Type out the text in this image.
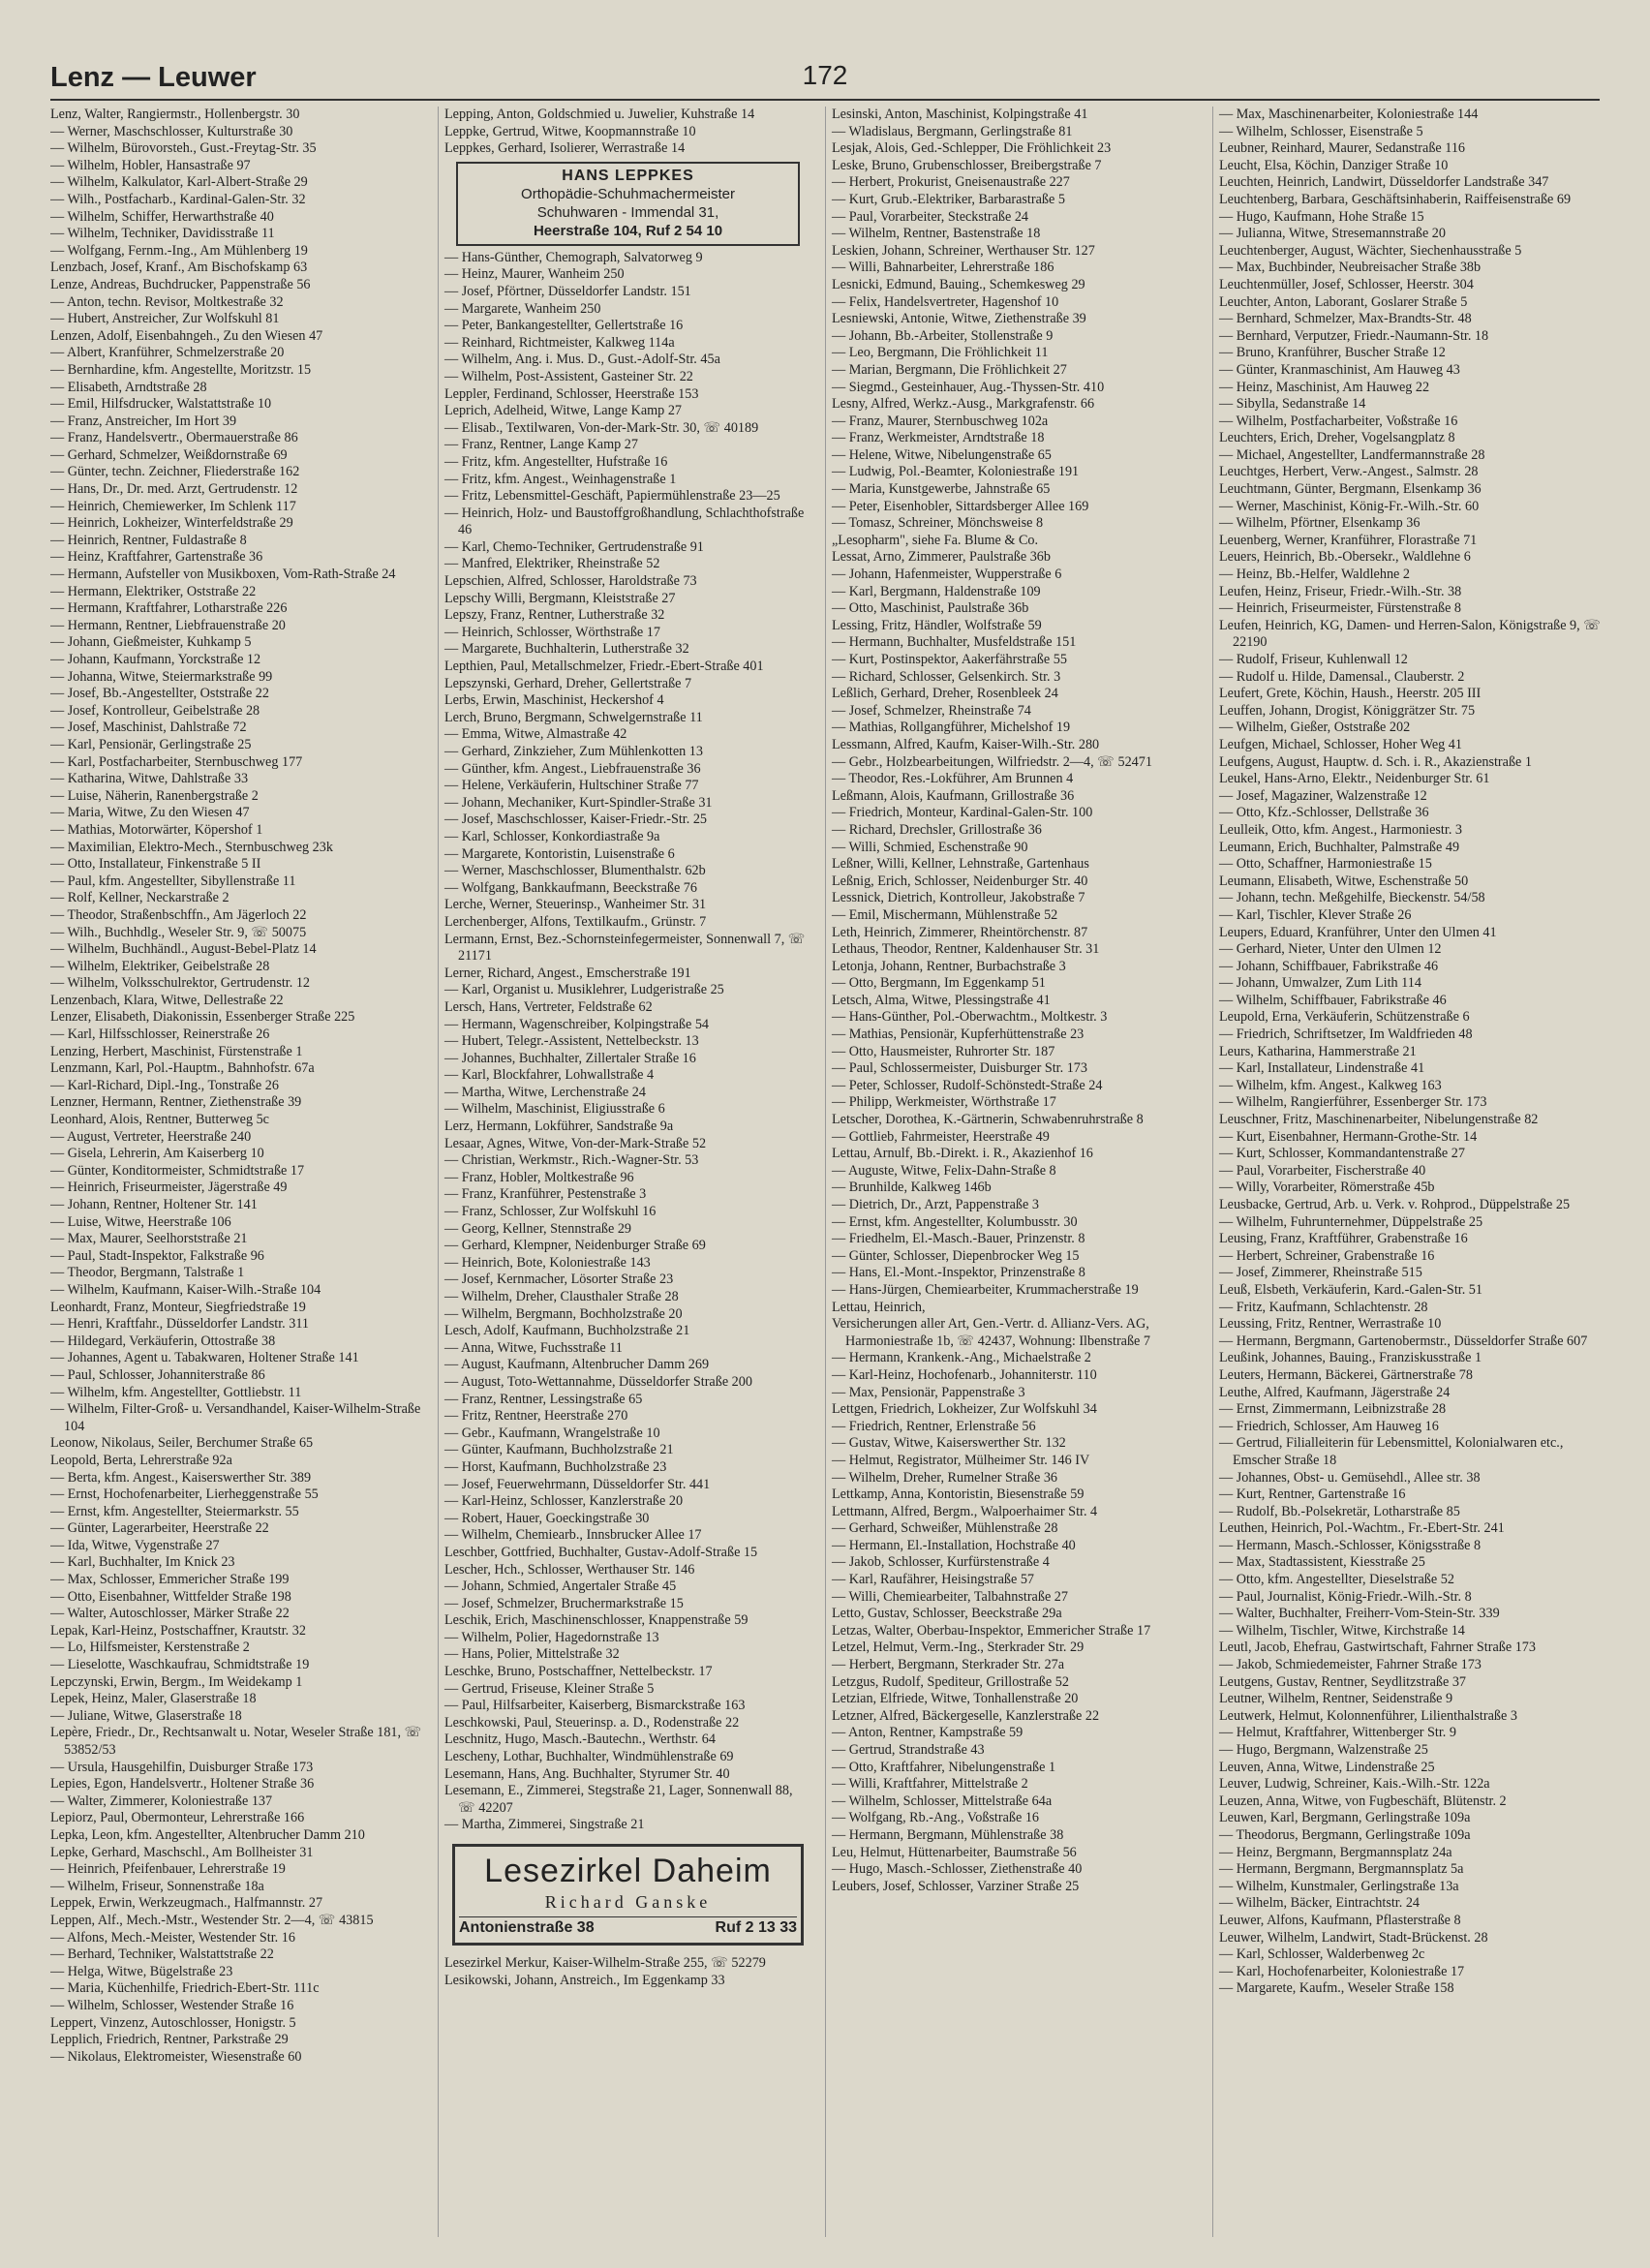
Lenz — Leuwer	172
Lenz, Walter, Rangiermstr., Hollenbergstr. 30
— Werner, Maschschlosser, Kulturstraße 30
— Wilhelm, Bürovorsteh., Gust.-Freytag-Str. 35
— Wilhelm, Hobler, Hansastraße 97
— Wilhelm, Kalkulator, Karl-Albert-Straße 29
— Wilh., Postfacharb., Kardinal-Galen-Str. 32
— Wilhelm, Schiffer, Herwarthstraße 40
— Wilhelm, Techniker, Davidisstraße 11
— Wolfgang, Fernm.-Ing., Am Mühlenberg 19
Lenzbach, Josef, Kranf., Am Bischofskamp 63
Lenze, Andreas, Buchdrucker, Pappenstraße 56
— Anton, techn. Revisor, Moltkestraße 32
— Hubert, Anstreicher, Zur Wolfskuhl 81
Lenzen, Adolf, Eisenbahngeh., Zu den Wiesen 47
— Albert, Kranführer, Schmelzerstraße 20
— Bernhardine, kfm. Angestellte, Moritzstr. 15
— Elisabeth, Arndtstraße 28
— Emil, Hilfsdrucker, Walstattstraße 10
— Franz, Anstreicher, Im Hort 39
— Franz, Handelsvertr., Obermauerstraße 86
— Gerhard, Schmelzer, Weißdornstraße 69
— Günter, techn. Zeichner, Fliederstraße 162
— Hans, Dr., Dr. med. Arzt, Gertrudenstr. 12
— Heinrich, Chemiewerker, Im Schlenk 117
— Heinrich, Lokheizer, Winterfeldstraße 29
— Heinrich, Rentner, Fuldastraße 8
— Heinz, Kraftfahrer, Gartenstraße 36
— Hermann, Aufsteller von Musikboxen, Vom-Rath-Straße 24
— Hermann, Elektriker, Oststraße 22
— Hermann, Kraftfahrer, Lotharstraße 226
— Hermann, Rentner, Liebfrauenstraße 20
— Johann, Gießmeister, Kuhkamp 5
— Johann, Kaufmann, Yorckstraße 12
— Johanna, Witwe, Steiermarkstraße 99
— Josef, Bb.-Angestellter, Oststraße 22
— Josef, Kontrolleur, Geibelstraße 28
— Josef, Maschinist, Dahlstraße 72
— Karl, Pensionär, Gerlingstraße 25
— Karl, Postfacharbeiter, Sternbuschweg 177
— Katharina, Witwe, Dahlstraße 33
— Luise, Näherin, Ranenbergstraße 2
— Maria, Witwe, Zu den Wiesen 47
— Mathias, Motorwärter, Köpershof 1
— Maximilian, Elektro-Mech., Sternbuschweg 23k
— Otto, Installateur, Finkenstraße 5 II
— Paul, kfm. Angestellter, Sibyllenstraße 11
— Rolf, Kellner, Neckarstraße 2
— Theodor, Straßenbschffn., Am Jägerloch 22
— Wilh., Buchhdlg., Weseler Str. 9, ☏ 50075
— Wilhelm, Buchhändl., August-Bebel-Platz 14
— Wilhelm, Elektriker, Geibelstraße 28
— Wilhelm, Volksschulrektor, Gertrudenstr. 12
Lenzenbach, Klara, Witwe, Dellestraße 22
Lenzer, Elisabeth, Diakonissin, Essenberger Straße 225
— Karl, Hilfsschlosser, Reinerstraße 26
Lenzing, Herbert, Maschinist, Fürstenstraße 1
Lenzmann, Karl, Pol.-Hauptm., Bahnhofstr. 67a
— Karl-Richard, Dipl.-Ing., Tonstraße 26
Lenzner, Hermann, Rentner, Ziethenstraße 39
Leonhard, Alois, Rentner, Butterweg 5c
— August, Vertreter, Heerstraße 240
— Gisela, Lehrerin, Am Kaiserberg 10
— Günter, Konditormeister, Schmidtstraße 17
— Heinrich, Friseurmeister, Jägerstraße 49
— Johann, Rentner, Holtener Str. 141
— Luise, Witwe, Heerstraße 106
— Max, Maurer, Seelhorststraße 21
— Paul, Stadt-Inspektor, Falkstraße 96
— Theodor, Bergmann, Talstraße 1
— Wilhelm, Kaufmann, Kaiser-Wilh.-Straße 104
Leonhardt, Franz, Monteur, Siegfriedstraße 19
— Henri, Kraftfahr., Düsseldorfer Landstr. 311
— Hildegard, Verkäuferin, Ottostraße 38
— Johannes, Agent u. Tabakwaren, Holtener Straße 141
— Paul, Schlosser, Johanniterstraße 86
— Wilhelm, kfm. Angestellter, Gottliebstr. 11
— Wilhelm, Filter-Groß- u. Versandhandel, Kaiser-Wilhelm-Straße 104
Leonow, Nikolaus, Seiler, Berchumer Straße 65
Leopold, Berta, Lehrerstraße 92a
— Berta, kfm. Angest., Kaiserswerther Str. 389
— Ernst, Hochofenarbeiter, Lierheggenstraße 55
— Ernst, kfm. Angestellter, Steiermarkstr. 55
— Günter, Lagerarbeiter, Heerstraße 22
— Ida, Witwe, Vygenstraße 27
— Karl, Buchhalter, Im Knick 23
— Max, Schlosser, Emmericher Straße 199
— Otto, Eisenbahner, Wittfelder Straße 198
— Walter, Autoschlosser, Märker Straße 22
Lepak, Karl-Heinz, Postschaffner, Krautstr. 32
— Lo, Hilfsmeister, Kerstenstraße 2
— Lieselotte, Waschkaufrau, Schmidtstraße 19
Lepczynski, Erwin, Bergm., Im Weidekamp 1
Lepek, Heinz, Maler, Glaserstraße 18
— Juliane, Witwe, Glaserstraße 18
Lepère, Friedr., Dr., Rechtsanwalt u. Notar, Weseler Straße 181, ☏ 53852/53
— Ursula, Hausgehilfin, Duisburger Straße 173
Lepies, Egon, Handelsvertr., Holtener Straße 36
— Walter, Zimmerer, Koloniestraße 137
Lepiorz, Paul, Obermonteur, Lehrerstraße 166
Lepka, Leon, kfm. Angestellter, Altenbrucher Damm 210
Lepke, Gerhard, Maschschl., Am Bollheister 31
— Heinrich, Pfeifenbauer, Lehrerstraße 19
— Wilhelm, Friseur, Sonnenstraße 18a
Leppek, Erwin, Werkzeugmach., Halfmannstr. 27
Leppen, Alf., Mech.-Mstr., Westender Str. 2—4, ☏ 43815
— Alfons, Mech.-Meister, Westender Str. 16
— Berhard, Techniker, Walstattstraße 22
— Helga, Witwe, Bügelstraße 23
— Maria, Küchenhilfe, Friedrich-Ebert-Str. 111c
— Wilhelm, Schlosser, Westender Straße 16
Leppert, Vinzenz, Autoschlosser, Honigstr. 5
Lepplich, Friedrich, Rentner, Parkstraße 29
— Nikolaus, Elektromeister, Wiesenstraße 60
Lepping, Anton, Goldschmied u. Juwelier, Kuhstraße 14
Leppke, Gertrud, Witwe, Koopmannstraße 10
Leppkes, Gerhard, Isolierer, Werrastraße 14
HANS LEPPKES
Orthopädie-Schuhmachermeister
Schuhwaren - Immendal 31,
Heerstraße 104, Ruf 2 54 10
— Hans-Günther, Chemograph, Salvatorweg 9
— Heinz, Maurer, Wanheim 250
— Josef, Pförtner, Düsseldorfer Landstr. 151
— Margarete, Wanheim 250
— Peter, Bankangestellter, Gellertstraße 16
— Reinhard, Richtmeister, Kalkweg 114a
— Wilhelm, Ang. i. Mus. D., Gust.-Adolf-Str. 45a
— Wilhelm, Post-Assistent, Gasteiner Str. 22
Leppler, Ferdinand, Schlosser, Heerstraße 153
Leprich, Adelheid, Witwe, Lange Kamp 27
— Elisab., Textilwaren, Von-der-Mark-Str. 30, ☏ 40189
— Franz, Rentner, Lange Kamp 27
— Fritz, kfm. Angestellter, Hufstraße 16
— Fritz, kfm. Angest., Weinhagenstraße 1
— Fritz, Lebensmittel-Geschäft, Papiermühlenstraße 23—25
— Heinrich, Holz- und Baustoffgroßhandlung, Schlachthofstraße 46
— Karl, Chemo-Techniker, Gertrudenstraße 91
— Manfred, Elektriker, Rheinstraße 52
Lepschien, Alfred, Schlosser, Haroldstraße 73
Lepschy Willi, Bergmann, Kleiststraße 27
Lepszy, Franz, Rentner, Lutherstraße 32
— Heinrich, Schlosser, Wörthstraße 17
— Margarete, Buchhalterin, Lutherstraße 32
Lepthien, Paul, Metallschmelzer, Friedr.-Ebert-Straße 401
Lepszynski, Gerhard, Dreher, Gellertstraße 7
Lerbs, Erwin, Maschinist, Heckershof 4
Lerch, Bruno, Bergmann, Schwelgernstraße 11
— Emma, Witwe, Almastraße 42
— Gerhard, Zinkzieher, Zum Mühlenkotten 13
— Günther, kfm. Angest., Liebfrauenstraße 36
— Helene, Verkäuferin, Hultschiner Straße 77
— Johann, Mechaniker, Kurt-Spindler-Straße 31
— Josef, Maschschlosser, Kaiser-Friedr.-Str. 25
— Karl, Schlosser, Konkordiastraße 9a
— Margarete, Kontoristin, Luisenstraße 6
— Werner, Maschschlosser, Blumenthalstr. 62b
— Wolfgang, Bankkaufmann, Beeckstraße 76
Lerche, Werner, Steuerinsp., Wanheimer Str. 31
Lerchenberger, Alfons, Textilkaufm., Grünstr. 7
Lermann, Ernst, Bez.-Schornsteinfegermeister, Sonnenwall 7, ☏ 21171
Lerner, Richard, Angest., Emscherstraße 191
— Karl, Organist u. Musiklehrer, Ludgeristraße 25
Lersch, Hans, Vertreter, Feldstraße 62
— Hermann, Wagenschreiber, Kolpingstraße 54
— Hubert, Telegr.-Assistent, Nettelbeckstr. 13
— Johannes, Buchhalter, Zillertaler Straße 16
— Karl, Blockfahrer, Lohwallstraße 4
— Martha, Witwe, Lerchenstraße 24
— Wilhelm, Maschinist, Eligiusstraße 6
Lerz, Hermann, Lokführer, Sandstraße 9a
Lesaar, Agnes, Witwe, Von-der-Mark-Straße 52
— Christian, Werkmstr., Rich.-Wagner-Str. 53
— Franz, Hobler, Moltkestraße 96
— Franz, Kranführer, Pestenstraße 3
— Franz, Schlosser, Zur Wolfskuhl 16
— Georg, Kellner, Stennstraße 29
— Gerhard, Klempner, Neidenburger Straße 69
— Heinrich, Bote, Koloniestraße 143
— Josef, Kernmacher, Lösorter Straße 23
— Wilhelm, Dreher, Clausthaler Straße 28
— Wilhelm, Bergmann, Bochholzstraße 20
Lesch, Adolf, Kaufmann, Buchholzstraße 21
— Anna, Witwe, Fuchsstraße 11
— August, Kaufmann, Altenbrucher Damm 269
— August, Toto-Wettannahme, Düsseldorfer Straße 200
— Franz, Rentner, Lessingstraße 65
— Fritz, Rentner, Heerstraße 270
— Gebr., Kaufmann, Wrangelstraße 10
— Günter, Kaufmann, Buchholzstraße 21
— Horst, Kaufmann, Buchholzstraße 23
— Josef, Feuerwehrmann, Düsseldorfer Str. 441
— Karl-Heinz, Schlosser, Kanzlerstraße 20
— Robert, Hauer, Goeckingstraße 30
— Wilhelm, Chemiearb., Innsbrucker Allee 17
Leschber, Gottfried, Buchhalter, Gustav-Adolf-Straße 15
Lescher, Hch., Schlosser, Werthauser Str. 146
— Johann, Schmied, Angertaler Straße 45
— Josef, Schmelzer, Bruchermarkstraße 15
Leschik, Erich, Maschinenschlosser, Knappenstraße 59
— Wilhelm, Polier, Hagedornstraße 13
— Hans, Polier, Mittelstraße 32
Leschke, Bruno, Postschaffner, Nettelbeckstr. 17
— Gertrud, Friseuse, Kleiner Straße 5
— Paul, Hilfsarbeiter, Kaiserberg, Bismarckstraße 163
Leschkowski, Paul, Steuerinsp. a. D., Rodenstraße 22
Leschnitz, Hugo, Masch.-Bautechn., Werthstr. 64
Lescheny, Lothar, Buchhalter, Windmühlenstraße 69
Lesemann, Hans, Ang. Buchhalter, Styrumer Str. 40
Lesemann, E., Zimmerei, Stegstraße 21, Lager, Sonnenwall 88, ☏ 42207
— Martha, Zimmerei, Singstraße 21
Lesezirkel Daheim
Richard Ganske
Antonienstraße 38	Ruf 2 13 33
Lesezirkel Merkur, Kaiser-Wilhelm-Straße 255, ☏ 52279
Lesikowski, Johann, Anstreich., Im Eggenkamp 33
Lesinski, Anton, Maschinist, Kolpingstraße 41
— Wladislaus, Bergmann, Gerlingstraße 81
Lesjak, Alois, Ged.-Schlepper, Die Fröhlichkeit 23
Leske, Bruno, Grubenschlosser, Breibergstraße 7
— Herbert, Prokurist, Gneisenaustraße 227
— Kurt, Grub.-Elektriker, Barbarastraße 5
— Paul, Vorarbeiter, Steckstraße 24
— Wilhelm, Rentner, Bastenstraße 18
Leskien, Johann, Schreiner, Werthauser Str. 127
— Willi, Bahnarbeiter, Lehrerstraße 186
Lesnicki, Edmund, Bauing., Schemkesweg 29
— Felix, Handelsvertreter, Hagenshof 10
Lesniewski, Antonie, Witwe, Ziethenstraße 39
— Johann, Bb.-Arbeiter, Stollenstraße 9
— Leo, Bergmann, Die Fröhlichkeit 11
— Marian, Bergmann, Die Fröhlichkeit 27
— Siegmd., Gesteinhauer, Aug.-Thyssen-Str. 410
Lesny, Alfred, Werkz.-Ausg., Markgrafenstr. 66
— Franz, Maurer, Sternbuschweg 102a
— Franz, Werkmeister, Arndtstraße 18
— Helene, Witwe, Nibelungenstraße 65
— Ludwig, Pol.-Beamter, Koloniestraße 191
— Maria, Kunstgewerbe, Jahnstraße 65
— Peter, Eisenhobler, Sittardsberger Allee 169
— Tomasz, Schreiner, Mönchsweise 8
„Lesopharm", siehe Fa. Blume & Co.
Lessat, Arno, Zimmerer, Paulstraße 36b
— Johann, Hafenmeister, Wupperstraße 6
— Karl, Bergmann, Haldenstraße 109
— Otto, Maschinist, Paulstraße 36b
Lessing, Fritz, Händler, Wolfstraße 59
— Hermann, Buchhalter, Musfeldstraße 151
— Kurt, Postinspektor, Aakerfährstraße 55
— Richard, Schlosser, Gelsenkirch. Str. 3
Leßlich, Gerhard, Dreher, Rosenbleek 24
— Josef, Schmelzer, Rheinstraße 74
— Mathias, Rollgangführer, Michelshof 19
Lessmann, Alfred, Kaufm, Kaiser-Wilh.-Str. 280
— Gebr., Holzbearbeitungen, Wilfriedstr. 2—4, ☏ 52471
— Theodor, Res.-Lokführer, Am Brunnen 4
Leßmann, Alois, Kaufmann, Grillostraße 36
— Friedrich, Monteur, Kardinal-Galen-Str. 100
— Richard, Drechsler, Grillostraße 36
— Willi, Schmied, Eschenstraße 90
Leßner, Willi, Kellner, Lehnstraße, Gartenhaus
Leßnig, Erich, Schlosser, Neidenburger Str. 40
Lessnick, Dietrich, Kontrolleur, Jakobstraße 7
— Emil, Mischermann, Mühlenstraße 52
Leth, Heinrich, Zimmerer, Rheintörchenstr. 87
Lethaus, Theodor, Rentner, Kaldenhauser Str. 31
Letonja, Johann, Rentner, Burbachstraße 3
— Otto, Bergmann, Im Eggenkamp 51
Letsch, Alma, Witwe, Plessingstraße 41
— Hans-Günther, Pol.-Oberwachtm., Moltkestr. 3
— Mathias, Pensionär, Kupferhüttenstraße 23
— Otto, Hausmeister, Ruhrorter Str. 187
— Paul, Schlossermeister, Duisburger Str. 173
— Peter, Schlosser, Rudolf-Schönstedt-Straße 24
— Philipp, Werkmeister, Wörthstraße 17
Letscher, Dorothea, K.-Gärtnerin, Schwabenruhrstraße 8
— Gottlieb, Fahrmeister, Heerstraße 49
Lettau, Arnulf, Bb.-Direkt. i. R., Akazienhof 16
— Auguste, Witwe, Felix-Dahn-Straße 8
— Brunhilde, Kalkweg 146b
— Dietrich, Dr., Arzt, Pappenstraße 3
— Ernst, kfm. Angestellter, Kolumbusstr. 30
— Friedhelm, El.-Masch.-Bauer, Prinzenstr. 8
— Günter, Schlosser, Diepenbrocker Weg 15
— Hans, El.-Mont.-Inspektor, Prinzenstraße 8
— Hans-Jürgen, Chemiearbeiter, Krummacherstraße 19
Lettau, Heinrich,
Versicherungen aller Art, Gen.-Vertr. d. Allianz-Vers. AG, Harmoniestraße 1b, ☏ 42437, Wohnung: Ilbenstraße 7
— Hermann, Krankenk.-Ang., Michaelstraße 2
— Karl-Heinz, Hochofenarb., Johanniterstr. 110
— Max, Pensionär, Pappenstraße 3
Lettgen, Friedrich, Lokheizer, Zur Wolfskuhl 34
— Friedrich, Rentner, Erlenstraße 56
— Gustav, Witwe, Kaiserswerther Str. 132
— Helmut, Registrator, Mülheimer Str. 146 IV
— Wilhelm, Dreher, Rumelner Straße 36
Lettkamp, Anna, Kontoristin, Biesenstraße 59
Lettmann, Alfred, Bergm., Walpoerhaimer Str. 4
— Gerhard, Schweißer, Mühlenstraße 28
— Hermann, El.-Installation, Hochstraße 40
— Jakob, Schlosser, Kurfürstenstraße 4
— Karl, Raufährer, Heisingstraße 57
— Willi, Chemiearbeiter, Talbahnstraße 27
Letto, Gustav, Schlosser, Beeckstraße 29a
Letzas, Walter, Oberbau-Inspektor, Emmericher Straße 17
Letzel, Helmut, Verm.-Ing., Sterkrader Str. 29
— Herbert, Bergmann, Sterkrader Str. 27a
Letzgus, Rudolf, Spediteur, Grillostraße 52
Letzian, Elfriede, Witwe, Tonhallenstraße 20
Letzner, Alfred, Bäckergeselle, Kanzlerstraße 22
— Anton, Rentner, Kampstraße 59
— Gertrud, Strandstraße 43
— Otto, Kraftfahrer, Nibelungenstraße 1
— Willi, Kraftfahrer, Mittelstraße 2
— Wilhelm, Schlosser, Mittelstraße 64a
— Wolfgang, Rb.-Ang., Voßstraße 16
— Hermann, Bergmann, Mühlenstraße 38
Leu, Helmut, Hüttenarbeiter, Baumstraße 56
— Hugo, Masch.-Schlosser, Ziethenstraße 40
Leubers, Josef, Schlosser, Varziner Straße 25
— Max, Maschinenarbeiter, Koloniestraße 144
— Wilhelm, Schlosser, Eisenstraße 5
Leubner, Reinhard, Maurer, Sedanstraße 116
Leucht, Elsa, Köchin, Danziger Straße 10
Leuchten, Heinrich, Landwirt, Düsseldorfer Landstraße 347
Leuchtenberg, Barbara, Geschäftsinhaberin, Raiffeisenstraße 69
— Hugo, Kaufmann, Hohe Straße 15
— Julianna, Witwe, Stresemannstraße 20
Leuchtenberger, August, Wächter, Siechenhausstraße 5
— Max, Buchbinder, Neubreisacher Straße 38b
Leuchtenmüller, Josef, Schlosser, Heerstr. 304
Leuchter, Anton, Laborant, Goslarer Straße 5
— Bernhard, Schmelzer, Max-Brandts-Str. 48
— Bernhard, Verputzer, Friedr.-Naumann-Str. 18
— Bruno, Kranführer, Buscher Straße 12
— Günter, Kranmaschinist, Am Hauweg 43
— Heinz, Maschinist, Am Hauweg 22
— Sibylla, Sedanstraße 14
— Wilhelm, Postfacharbeiter, Voßstraße 16
Leuchters, Erich, Dreher, Vogelsangplatz 8
— Michael, Angestellter, Landfermannstraße 28
Leuchtges, Herbert, Verw.-Angest., Salmstr. 28
Leuchtmann, Günter, Bergmann, Elsenkamp 36
— Werner, Maschinist, König-Fr.-Wilh.-Str. 60
— Wilhelm, Pförtner, Elsenkamp 36
Leuenberg, Werner, Kranführer, Florastraße 71
Leuers, Heinrich, Bb.-Obersekr., Waldlehne 6
— Heinz, Bb.-Helfer, Waldlehne 2
Leufen, Heinz, Friseur, Friedr.-Wilh.-Str. 38
— Heinrich, Friseurmeister, Fürstenstraße 8
Leufen, Heinrich, KG, Damen- und Herren-Salon, Königstraße 9, ☏ 22190
— Rudolf, Friseur, Kuhlenwall 12
— Rudolf u. Hilde, Damensal., Clauberstr. 2
Leufert, Grete, Köchin, Haush., Heerstr. 205 III
Leuffen, Johann, Drogist, Königgrätzer Str. 75
— Wilhelm, Gießer, Oststraße 202
Leufgen, Michael, Schlosser, Hoher Weg 41
Leufgens, August, Hauptw. d. Sch. i. R., Akazienstraße 1
Leukel, Hans-Arno, Elektr., Neidenburger Str. 61
— Josef, Magaziner, Walzenstraße 12
— Otto, Kfz.-Schlosser, Dellstraße 36
Leulleik, Otto, kfm. Angest., Harmoniestr. 3
Leumann, Erich, Buchhalter, Palmstraße 49
— Otto, Schaffner, Harmoniestraße 15
Leumann, Elisabeth, Witwe, Eschenstraße 50
— Johann, techn. Meßgehilfe, Bieckenstr. 54/58
— Karl, Tischler, Klever Straße 26
Leupers, Eduard, Kranführer, Unter den Ulmen 41
— Gerhard, Nieter, Unter den Ulmen 12
— Johann, Schiffbauer, Fabrikstraße 46
— Johann, Umwalzer, Zum Lith 114
— Wilhelm, Schiffbauer, Fabrikstraße 46
Leupold, Erna, Verkäuferin, Schützenstraße 6
— Friedrich, Schriftsetzer, Im Waldfrieden 48
Leurs, Katharina, Hammerstraße 21
— Karl, Installateur, Lindenstraße 41
— Wilhelm, kfm. Angest., Kalkweg 163
— Wilhelm, Rangierführer, Essenberger Str. 173
Leuschner, Fritz, Maschinenarbeiter, Nibelungenstraße 82
— Kurt, Eisenbahner, Hermann-Grothe-Str. 14
— Kurt, Schlosser, Kommandantenstraße 27
— Paul, Vorarbeiter, Fischerstraße 40
— Willy, Vorarbeiter, Römerstraße 45b
Leusbacke, Gertrud, Arb. u. Verk. v. Rohprod., Düppelstraße 25
— Wilhelm, Fuhrunternehmer, Düppelstraße 25
Leusing, Franz, Kraftführer, Grabenstraße 16
— Herbert, Schreiner, Grabenstraße 16
— Josef, Zimmerer, Rheinstraße 515
Leuß, Elsbeth, Verkäuferin, Kard.-Galen-Str. 51
— Fritz, Kaufmann, Schlachtenstr. 28
Leussing, Fritz, Rentner, Werrastraße 10
— Hermann, Bergmann, Gartenobermstr., Düsseldorfer Straße 607
Leußink, Johannes, Bauing., Franziskusstraße 1
Leuters, Hermann, Bäckerei, Gärtnerstraße 78
Leuthe, Alfred, Kaufmann, Jägerstraße 24
— Ernst, Zimmermann, Leibnizstraße 28
— Friedrich, Schlosser, Am Hauweg 16
— Gertrud, Filialleiterin für Lebensmittel, Kolonialwaren etc., Emscher Straße 18
— Johannes, Obst- u. Gemüsehdl., Allee str. 38
— Kurt, Rentner, Gartenstraße 16
— Rudolf, Bb.-Polsekretär, Lotharstraße 85
Leuthen, Heinrich, Pol.-Wachtm., Fr.-Ebert-Str. 241
— Hermann, Masch.-Schlosser, Königsstraße 8
— Max, Stadtassistent, Kiesstraße 25
— Otto, kfm. Angestellter, Dieselstraße 52
— Paul, Journalist, König-Friedr.-Wilh.-Str. 8
— Walter, Buchhalter, Freiherr-Vom-Stein-Str. 339
— Wilhelm, Tischler, Witwe, Kirchstraße 14
Leutl, Jacob, Ehefrau, Gastwirtschaft, Fahrner Straße 173
— Jakob, Schmiedemeister, Fahrner Straße 173
Leutgens, Gustav, Rentner, Seydlitzstraße 37
Leutner, Wilhelm, Rentner, Seidenstraße 9
Leutwerk, Helmut, Kolonnenführer, Lilienthalstraße 3
— Helmut, Kraftfahrer, Wittenberger Str. 9
— Hugo, Bergmann, Walzenstraße 25
Leuven, Anna, Witwe, Lindenstraße 25
Leuver, Ludwig, Schreiner, Kais.-Wilh.-Str. 122a
Leuzen, Anna, Witwe, von Fugbeschäft, Blütenstr. 2
Leuwen, Karl, Bergmann, Gerlingstraße 109a
— Theodorus, Bergmann, Gerlingstraße 109a
— Heinz, Bergmann, Bergmannsplatz 24a
— Hermann, Bergmann, Bergmannsplatz 5a
— Wilhelm, Kunstmaler, Gerlingstraße 13a
— Wilhelm, Bäcker, Eintrachtstr. 24
Leuwer, Alfons, Kaufmann, Pflasterstraße 8
Leuwer, Wilhelm, Landwirt, Stadt-Brückenst. 28
— Karl, Schlosser, Walderbenweg 2c
— Karl, Hochofenarbeiter, Koloniestraße 17
— Margarete, Kaufm., Weseler Straße 158
